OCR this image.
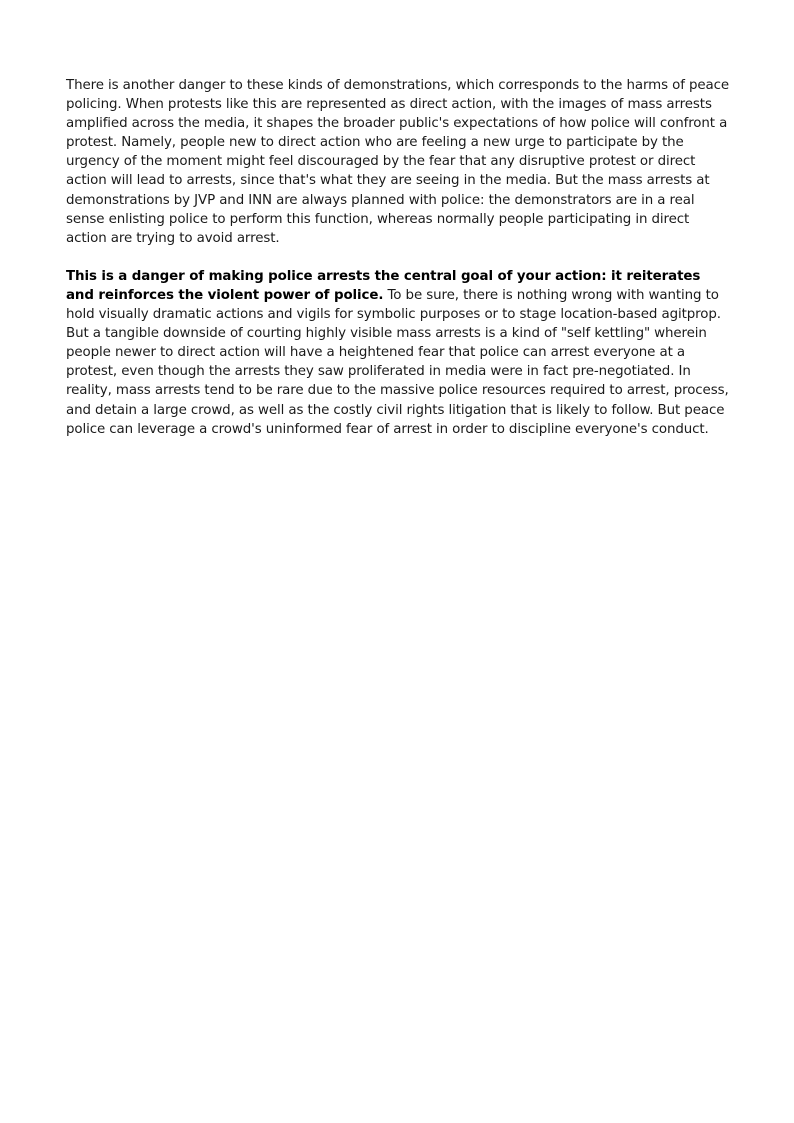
There is another danger to these kinds of demonstrations, which corresponds to the harms of peace policing. When protests like this are represented as direct action, with the images of mass arrests amplified across the media, it shapes the broader public's expectations of how police will confront a protest. Namely, people new to direct action who are feeling a new urge to participate by the urgency of the moment might feel discouraged by the fear that any disruptive protest or direct action will lead to arrests, since that's what they are seeing in the media. But the mass arrests at demonstrations by JVP and INN are always planned with police: the demonstrators are in a real sense enlisting police to perform this function, whereas normally people participating in direct action are trying to avoid arrest.

This is a danger of making police arrests the central goal of your action: it reiterates and reinforces the violent power of police. To be sure, there is nothing wrong with wanting to hold visually dramatic actions and vigils for symbolic purposes or to stage location-based agitprop. But a tangible downside of courting highly visible mass arrests is a kind of "self kettling" wherein people newer to direct action will have a heightened fear that police can arrest everyone at a protest, even though the arrests they saw proliferated in media were in fact pre-negotiated. In reality, mass arrests tend to be rare due to the massive police resources required to arrest, process, and detain a large crowd, as well as the costly civil rights litigation that is likely to follow. But peace police can leverage a crowd's uninformed fear of arrest in order to discipline everyone's conduct.
